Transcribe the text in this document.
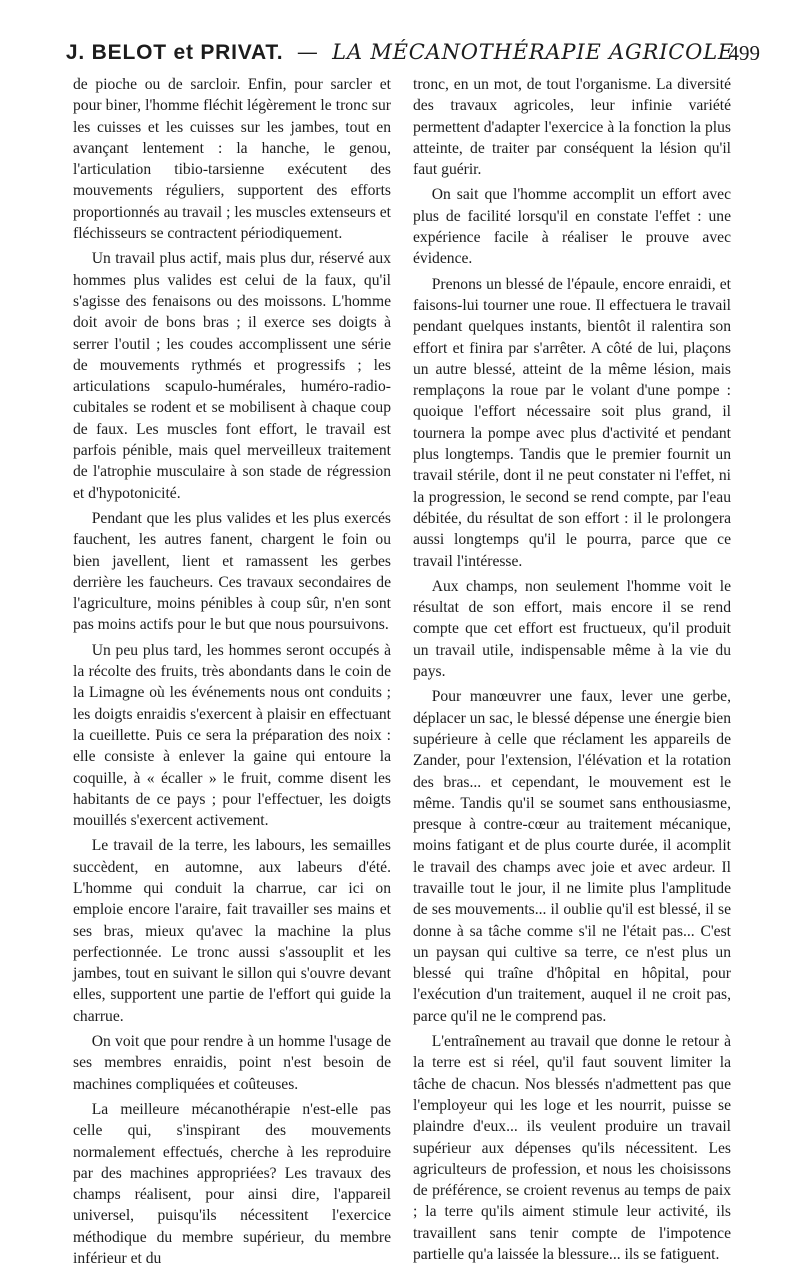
J. BELOT et PRIVAT. — LA MÉCANOTHÉRAPIE AGRICOLE
499

de pioche ou de sarcloir. Enfin, pour sarcler et pour biner, l'homme fléchit légèrement le tronc sur les cuisses et les cuisses sur les jambes, tout en avançant lentement : la hanche, le genou, l'articulation tibio-tarsienne exécutent des mouvements réguliers, supportent des efforts proportionnés au travail ; les muscles extenseurs et fléchisseurs se contractent périodiquement.

Un travail plus actif, mais plus dur, réservé aux hommes plus valides est celui de la faux, qu'il s'agisse des fenaisons ou des moissons. L'homme doit avoir de bons bras ; il exerce ses doigts à serrer l'outil ; les coudes accomplissent une série de mouvements rythmés et progressifs ; les articulations scapulo-humérales, huméro-radio-cubitales se rodent et se mobilisent à chaque coup de faux. Les muscles font effort, le travail est parfois pénible, mais quel merveilleux traitement de l'atrophie musculaire à son stade de régression et d'hypotonicité.

Pendant que les plus valides et les plus exercés fauchent, les autres fanent, chargent le foin ou bien javellent, lient et ramassent les gerbes derrière les faucheurs. Ces travaux secondaires de l'agriculture, moins pénibles à coup sûr, n'en sont pas moins actifs pour le but que nous poursuivons.

Un peu plus tard, les hommes seront occupés à la récolte des fruits, très abondants dans le coin de la Limagne où les événements nous ont conduits ; les doigts enraidis s'exercent à plaisir en effectuant la cueillette. Puis ce sera la préparation des noix : elle consiste à enlever la gaine qui entoure la coquille, à « écaller » le fruit, comme disent les habitants de ce pays ; pour l'effectuer, les doigts mouillés s'exercent activement.

Le travail de la terre, les labours, les semailles succèdent, en automne, aux labeurs d'été. L'homme qui conduit la charrue, car ici on emploie encore l'araire, fait travailler ses mains et ses bras, mieux qu'avec la machine la plus perfectionnée. Le tronc aussi s'assouplit et les jambes, tout en suivant le sillon qui s'ouvre devant elles, supportent une partie de l'effort qui guide la charrue.

On voit que pour rendre à un homme l'usage de ses membres enraidis, point n'est besoin de machines compliquées et coûteuses.

La meilleure mécanothérapie n'est-elle pas celle qui, s'inspirant des mouvements normalement effectués, cherche à les reproduire par des machines appropriées? Les travaux des champs réalisent, pour ainsi dire, l'appareil universel, puisqu'ils nécessitent l'exercice méthodique du membre supérieur, du membre inférieur et du

tronc, en un mot, de tout l'organisme. La diversité des travaux agricoles, leur infinie variété permettent d'adapter l'exercice à la fonction la plus atteinte, de traiter par conséquent la lésion qu'il faut guérir.

On sait que l'homme accomplit un effort avec plus de facilité lorsqu'il en constate l'effet : une expérience facile à réaliser le prouve avec évidence.

Prenons un blessé de l'épaule, encore enraidi, et faisons-lui tourner une roue. Il effectuera le travail pendant quelques instants, bientôt il ralentira son effort et finira par s'arrêter. A côté de lui, plaçons un autre blessé, atteint de la même lésion, mais remplaçons la roue par le volant d'une pompe : quoique l'effort nécessaire soit plus grand, il tournera la pompe avec plus d'activité et pendant plus longtemps. Tandis que le premier fournit un travail stérile, dont il ne peut constater ni l'effet, ni la progression, le second se rend compte, par l'eau débitée, du résultat de son effort : il le prolongera aussi longtemps qu'il le pourra, parce que ce travail l'intéresse.

Aux champs, non seulement l'homme voit le résultat de son effort, mais encore il se rend compte que cet effort est fructueux, qu'il produit un travail utile, indispensable même à la vie du pays.

Pour manœuvrer une faux, lever une gerbe, déplacer un sac, le blessé dépense une énergie bien supérieure à celle que réclament les appareils de Zander, pour l'extension, l'élévation et la rotation des bras... et cependant, le mouvement est le même. Tandis qu'il se soumet sans enthousiasme, presque à contre-cœur au traitement mécanique, moins fatigant et de plus courte durée, il acomplit le travail des champs avec joie et avec ardeur. Il travaille tout le jour, il ne limite plus l'amplitude de ses mouvements... il oublie qu'il est blessé, il se donne à sa tâche comme s'il ne l'était pas... C'est un paysan qui cultive sa terre, ce n'est plus un blessé qui traîne d'hôpital en hôpital, pour l'exécution d'un traitement, auquel il ne croit pas, parce qu'il ne le comprend pas.

L'entraînement au travail que donne le retour à la terre est si réel, qu'il faut souvent limiter la tâche de chacun. Nos blessés n'admettent pas que l'employeur qui les loge et les nourrit, puisse se plaindre d'eux... ils veulent produire un travail supérieur aux dépenses qu'ils nécessitent. Les agriculteurs de profession, et nous les choisissons de préférence, se croient revenus au temps de paix ; la terre qu'ils aiment stimule leur activité, ils travaillent sans tenir compte de l'impotence partielle qu'a laissée la blessure... ils se fatiguent.
